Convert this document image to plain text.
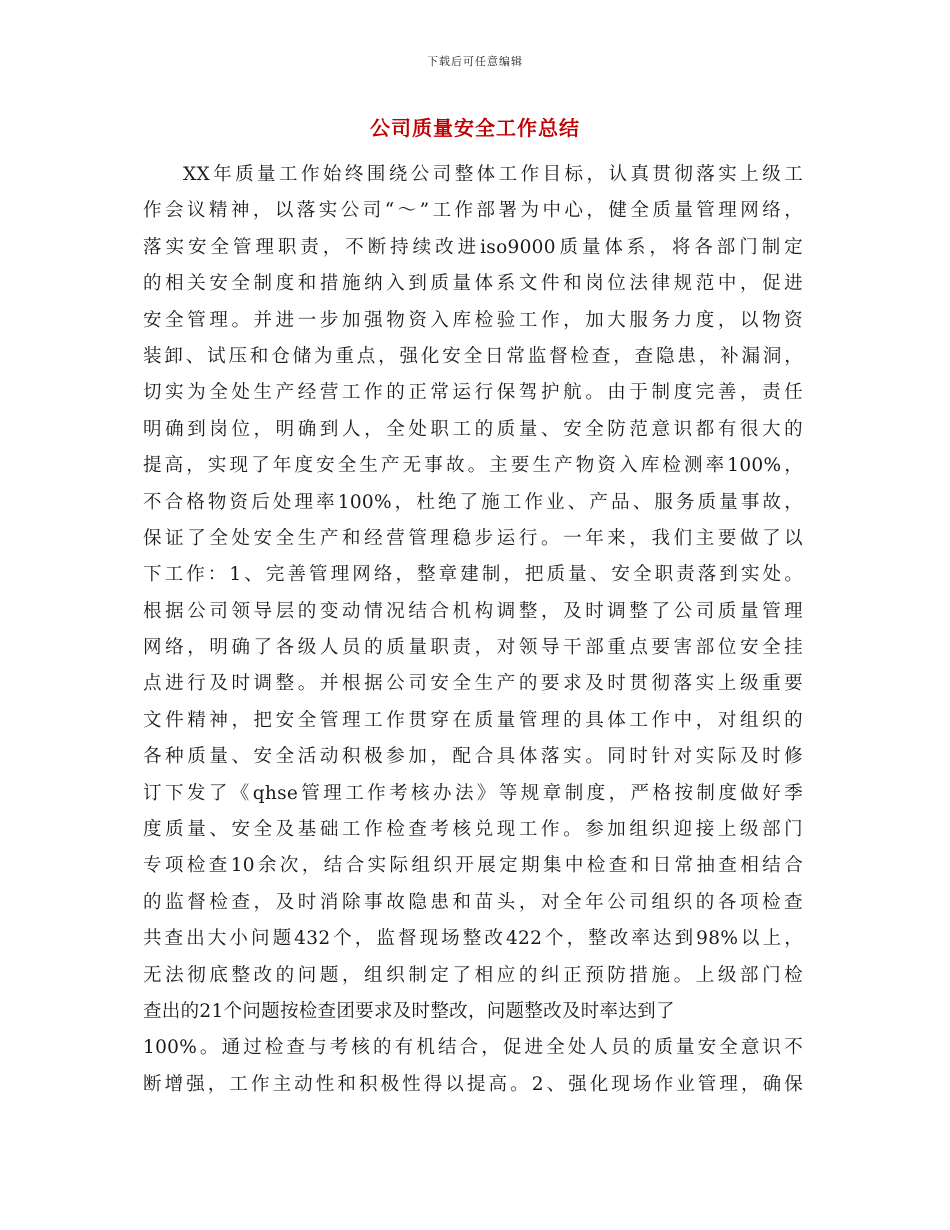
下载后可任意编辑
公司质量安全工作总结
XX年质量工作始终围绕公司整体工作目标，认真贯彻落实上级工
作会议精神，以落实公司“～”工作部署为中心，健全质量管理网络，
落实安全管理职责，不断持续改进iso9000质量体系，将各部门制定
的相关安全制度和措施纳入到质量体系文件和岗位法律规范中，促进
安全管理。并进一步加强物资入库检验工作，加大服务力度，以物资
装卸、试压和仓储为重点，强化安全日常监督检查，查隐患，补漏洞，
切实为全处生产经营工作的正常运行保驾护航。由于制度完善，责任
明确到岗位，明确到人，全处职工的质量、安全防范意识都有很大的
提高，实现了年度安全生产无事故。主要生产物资入库检测率100%，
不合格物资后处理率100%，杜绝了施工作业、产品、服务质量事故，
保证了全处安全生产和经营管理稳步运行。一年来，我们主要做了以
下工作：1、完善管理网络，整章建制，把质量、安全职责落到实处。
根据公司领导层的变动情况结合机构调整，及时调整了公司质量管理
网络，明确了各级人员的质量职责，对领导干部重点要害部位安全挂
点进行及时调整。并根据公司安全生产的要求及时贯彻落实上级重要
文件精神，把安全管理工作贯穿在质量管理的具体工作中，对组织的
各种质量、安全活动积极参加，配合具体落实。同时针对实际及时修
订下发了《qhse管理工作考核办法》等规章制度，严格按制度做好季
度质量、安全及基础工作检查考核兑现工作。参加组织迎接上级部门
专项检查10余次，结合实际组织开展定期集中检查和日常抽查相结合
的监督检查，及时消除事故隐患和苗头，对全年公司组织的各项检查
共查出大小问题432个，监督现场整改422个，整改率达到98%以上，
无法彻底整改的问题，组织制定了相应的纠正预防措施。上级部门检
查出的21个问题按检查团要求及时整改，问题整改及时率达到了
100%。通过检查与考核的有机结合，促进全处人员的质量安全意识不
断增强，工作主动性和积极性得以提高。2、强化现场作业管理，确保
